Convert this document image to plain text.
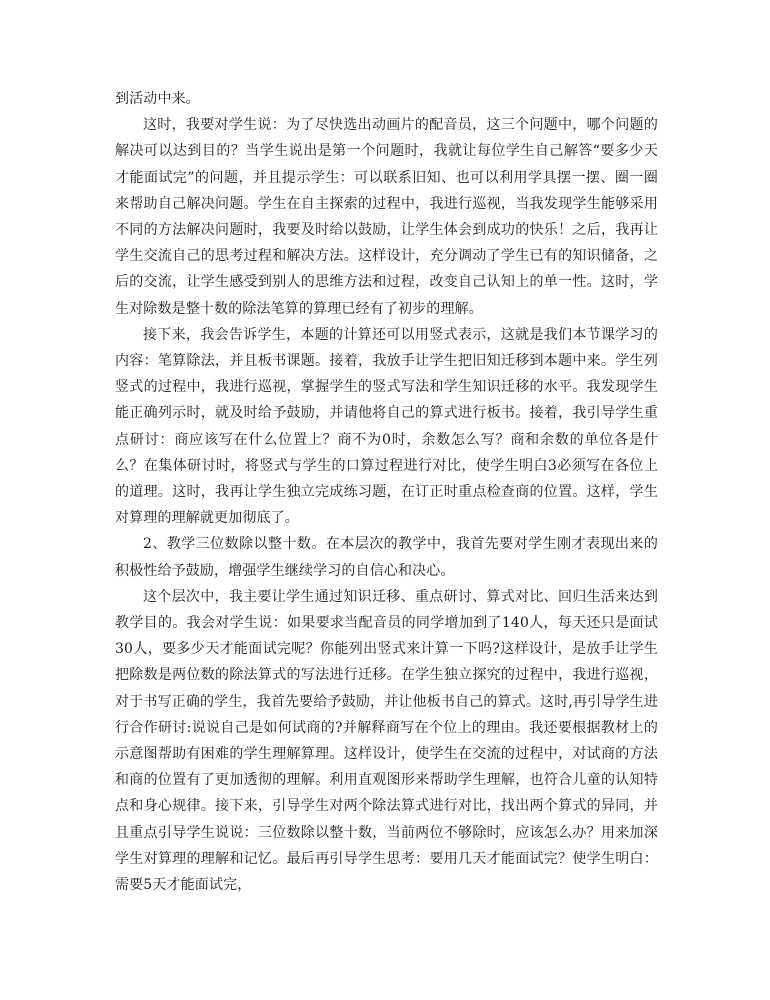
到活动中来。

这时，我要对学生说：为了尽快选出动画片的配音员，这三个问题中，哪个问题的解决可以达到目的？当学生说出是第一个问题时，我就让每位学生自己解答“要多少天才能面试完”的问题，并且提示学生：可以联系旧知、也可以利用学具摆一摆、圈一圈来帮助自己解决问题。学生在自主探索的过程中，我进行巡视，当我发现学生能够采用不同的方法解决问题时，我要及时给以鼓励，让学生体会到成功的快乐！之后，我再让学生交流自己的思考过程和解决方法。这样设计，充分调动了学生已有的知识储备，之后的交流，让学生感受到别人的思维方法和过程，改变自己认知上的单一性。这时，学生对除数是整十数的除法笔算的算理已经有了初步的理解。

接下来，我会告诉学生，本题的计算还可以用竖式表示，这就是我们本节课学习的内容：笔算除法，并且板书课题。接着，我放手让学生把旧知迁移到本题中来。学生列竖式的过程中，我进行巡视，掌握学生的竖式写法和学生知识迁移的水平。我发现学生能正确列示时，就及时给予鼓励，并请他将自己的算式进行板书。接着，我引导学生重点研讨：商应该写在什么位置上？商不为0时，余数怎么写？商和余数的单位各是什么？在集体研讨时，将竖式与学生的口算过程进行对比，使学生明白3必须写在各位上的道理。这时，我再让学生独立完成练习题，在订正时重点检查商的位置。这样，学生对算理的理解就更加彻底了。

2、教学三位数除以整十数。在本层次的教学中，我首先要对学生刚才表现出来的积极性给予鼓励，增强学生继续学习的自信心和决心。

这个层次中，我主要让学生通过知识迁移、重点研讨、算式对比、回归生活来达到教学目的。我会对学生说：如果要求当配音员的同学增加到了140人，每天还只是面试30人，要多少天才能面试完呢？你能列出竖式来计算一下吗?这样设计，是放手让学生把除数是两位数的除法算式的写法进行迁移。在学生独立探究的过程中，我进行巡视，对于书写正确的学生，我首先要给予鼓励，并让他板书自己的算式。这时,再引导学生进行合作研讨:说说自己是如何试商的?并解释商写在个位上的理由。我还要根据教材上的示意图帮助有困难的学生理解算理。这样设计，使学生在交流的过程中，对试商的方法和商的位置有了更加透彻的理解。利用直观图形来帮助学生理解，也符合儿童的认知特点和身心规律。接下来，引导学生对两个除法算式进行对比，找出两个算式的异同，并且重点引导学生说说：三位数除以整十数，当前两位不够除时，应该怎么办？用来加深学生对算理的理解和记忆。最后再引导学生思考：要用几天才能面试完？使学生明白：需要5天才能面试完，
